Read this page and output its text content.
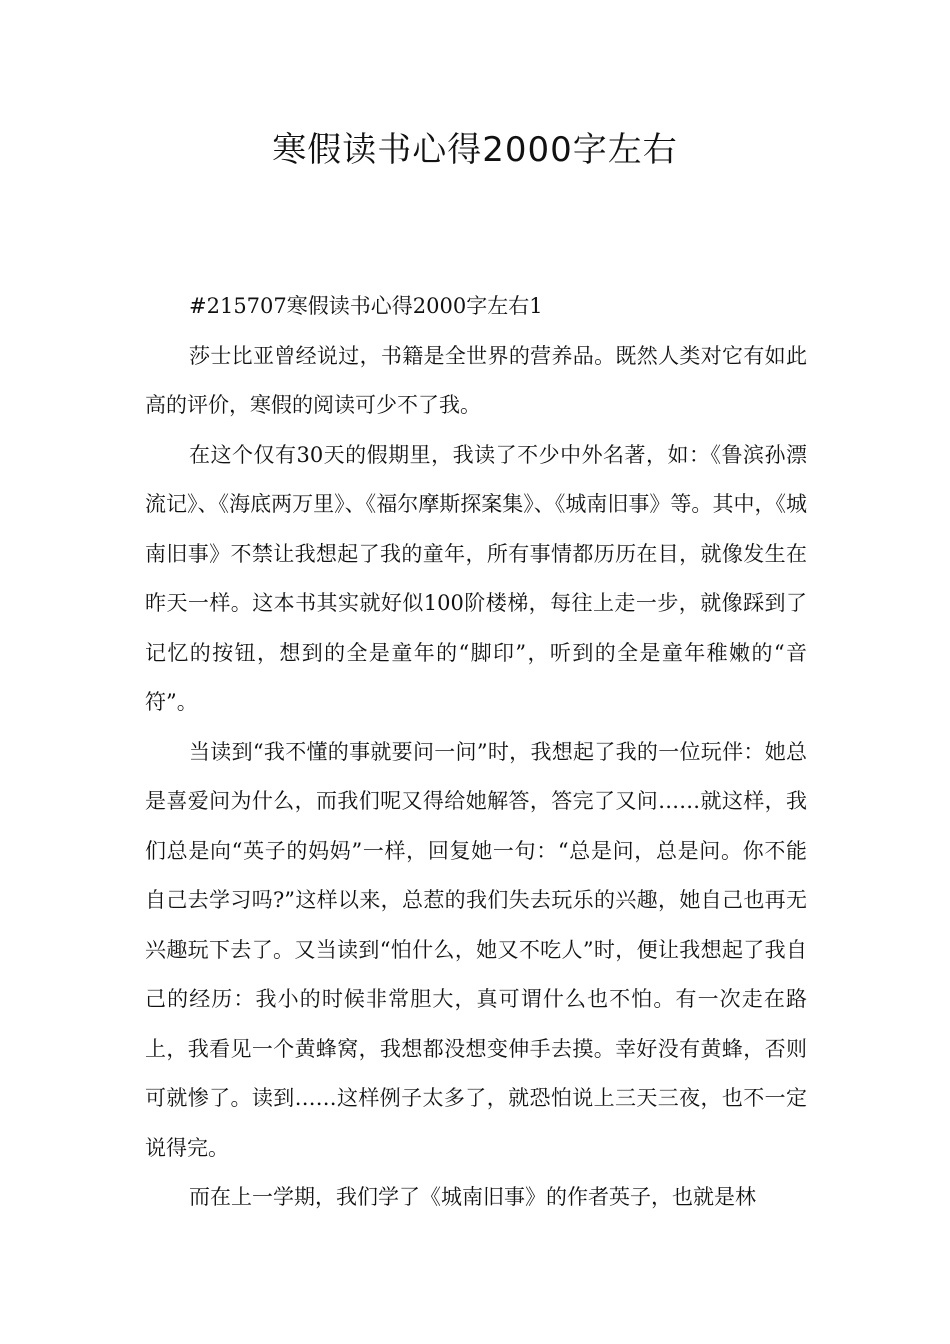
寒假读书心得2000字左右

#215707寒假读书心得2000字左右1

莎士比亚曾经说过，书籍是全世界的营养品。既然人类对它有如此高的评价，寒假的阅读可少不了我。

在这个仅有30天的假期里，我读了不少中外名著，如：《鲁滨孙漂流记》、《海底两万里》、《福尔摩斯探案集》、《城南旧事》等。其中，《城南旧事》不禁让我想起了我的童年，所有事情都历历在目，就像发生在昨天一样。这本书其实就好似100阶楼梯，每往上走一步，就像踩到了记忆的按钮，想到的全是童年的“脚印”，听到的全是童年稚嫩的“音符”。

当读到“我不懂的事就要问一问”时，我想起了我的一位玩伴：她总是喜爱问为什么，而我们呢又得给她解答，答完了又问……就这样，我们总是向“英子的妈妈”一样，回复她一句：“总是问，总是问。你不能自己去学习吗?”这样以来，总惹的我们失去玩乐的兴趣，她自己也再无兴趣玩下去了。又当读到“怕什么，她又不吃人”时，便让我想起了我自己的经历：我小的时候非常胆大，真可谓什么也不怕。有一次走在路上，我看见一个黄蜂窝，我想都没想变伸手去摸。幸好没有黄蜂，否则可就惨了。读到……这样例子太多了，就恐怕说上三天三夜，也不一定说得完。

而在上一学期，我们学了《城南旧事》的作者英子，也就是林
